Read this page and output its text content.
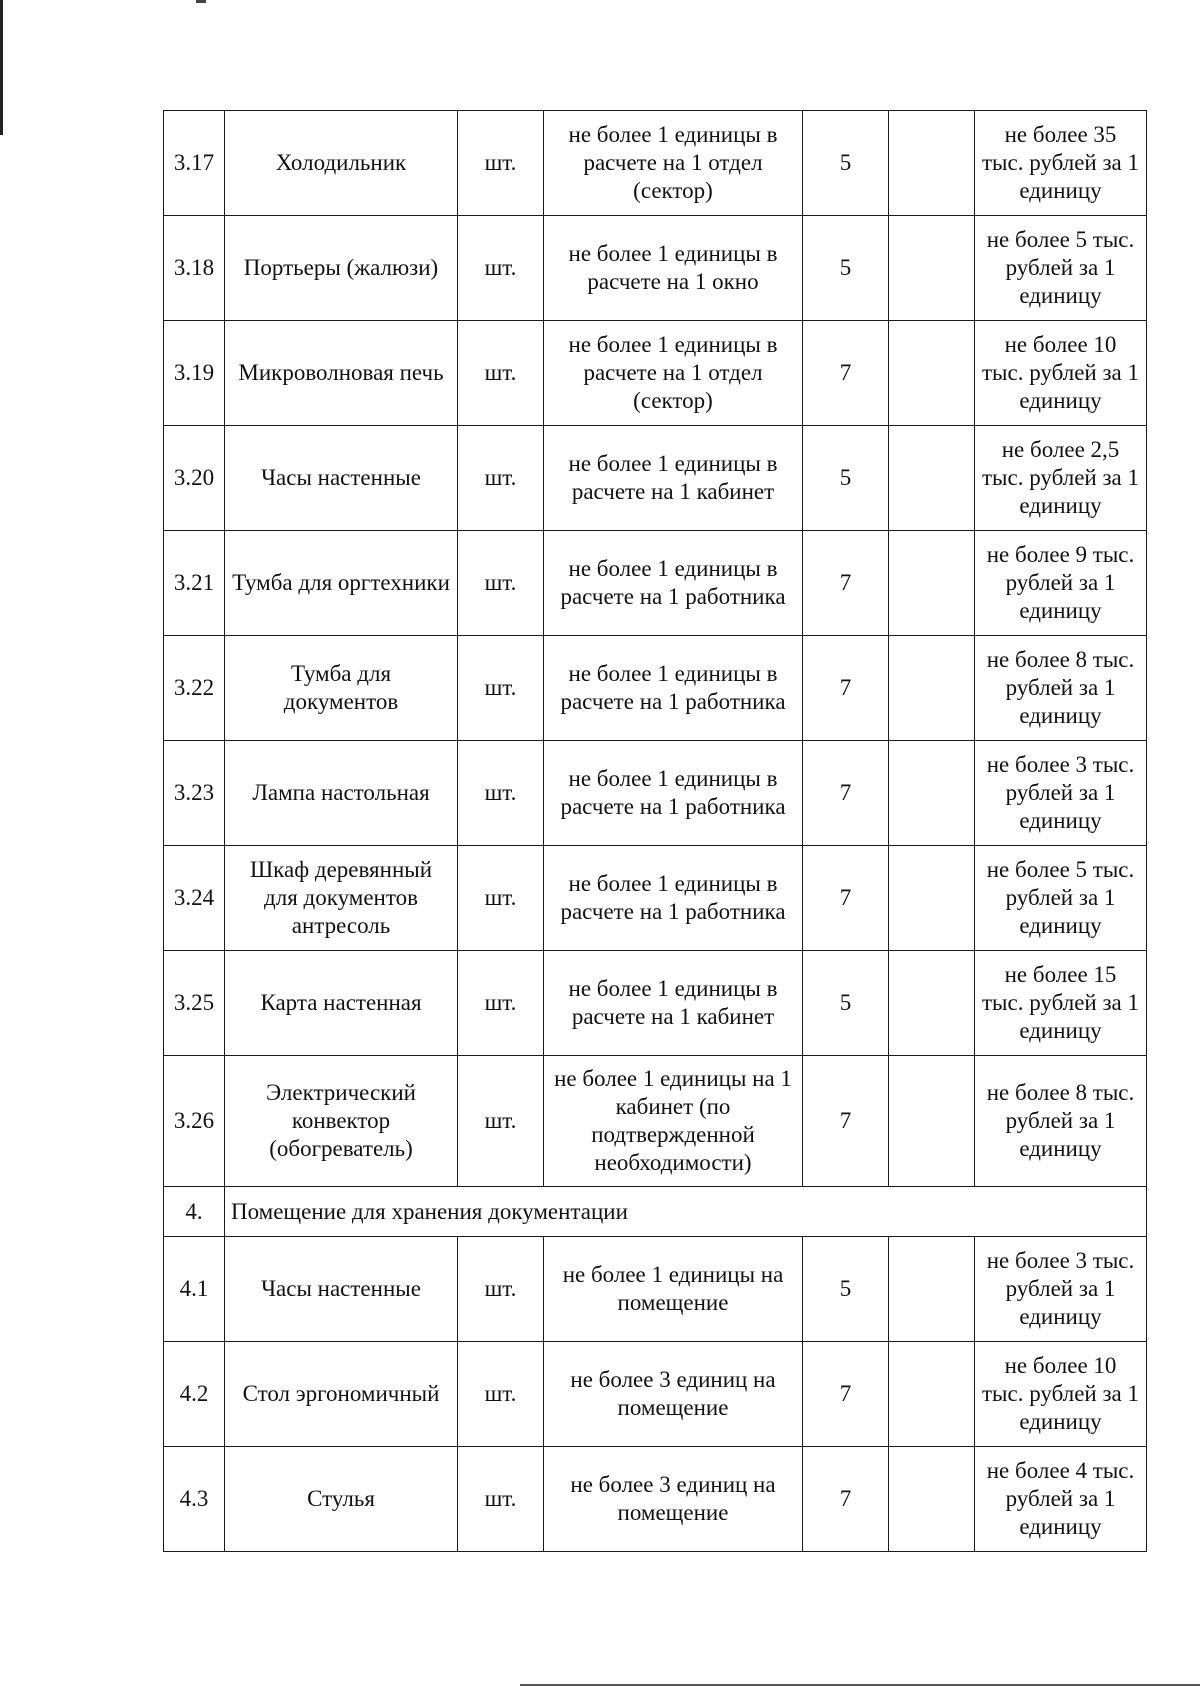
3.17	Холодильник	шт.	не более 1 единицы в расчете на 1 отдел (сектор)	5		не более 35 тыс. рублей за 1 единицу
3.18	Портьеры (жалюзи)	шт.	не более 1 единицы в расчете на 1 окно	5		не более 5 тыс. рублей за 1 единицу
3.19	Микроволновая печь	шт.	не более 1 единицы в расчете на 1 отдел (сектор)	7		не более 10 тыс. рублей за 1 единицу
3.20	Часы настенные	шт.	не более 1 единицы в расчете на 1 кабинет	5		не более 2,5 тыс. рублей за 1 единицу
3.21	Тумба для оргтехники	шт.	не более 1 единицы в расчете на 1 работника	7		не более 9 тыс. рублей за 1 единицу
3.22	Тумба для документов	шт.	не более 1 единицы в расчете на 1 работника	7		не более 8 тыс. рублей за 1 единицу
3.23	Лампа настольная	шт.	не более 1 единицы в расчете на 1 работника	7		не более 3 тыс. рублей за 1 единицу
3.24	Шкаф деревянный для документов антресоль	шт.	не более 1 единицы в расчете на 1 работника	7		не более 5 тыс. рублей за 1 единицу
3.25	Карта настенная	шт.	не более 1 единицы в расчете на 1 кабинет	5		не более 15 тыс. рублей за 1 единицу
3.26	Электрический конвектор (обогреватель)	шт.	не более 1 единицы на 1 кабинет (по подтвержденной необходимости)	7		не более 8 тыс. рублей за 1 единицу
4.	Помещение для хранения документации					
4.1	Часы настенные	шт.	не более 1 единицы на помещение	5		не более 3 тыс. рублей за 1 единицу
4.2	Стол эргономичный	шт.	не более 3 единиц на помещение	7		не более 10 тыс. рублей за 1 единицу
4.3	Стулья	шт.	не более 3 единиц на помещение	7		не более 4 тыс. рублей за 1 единицу
